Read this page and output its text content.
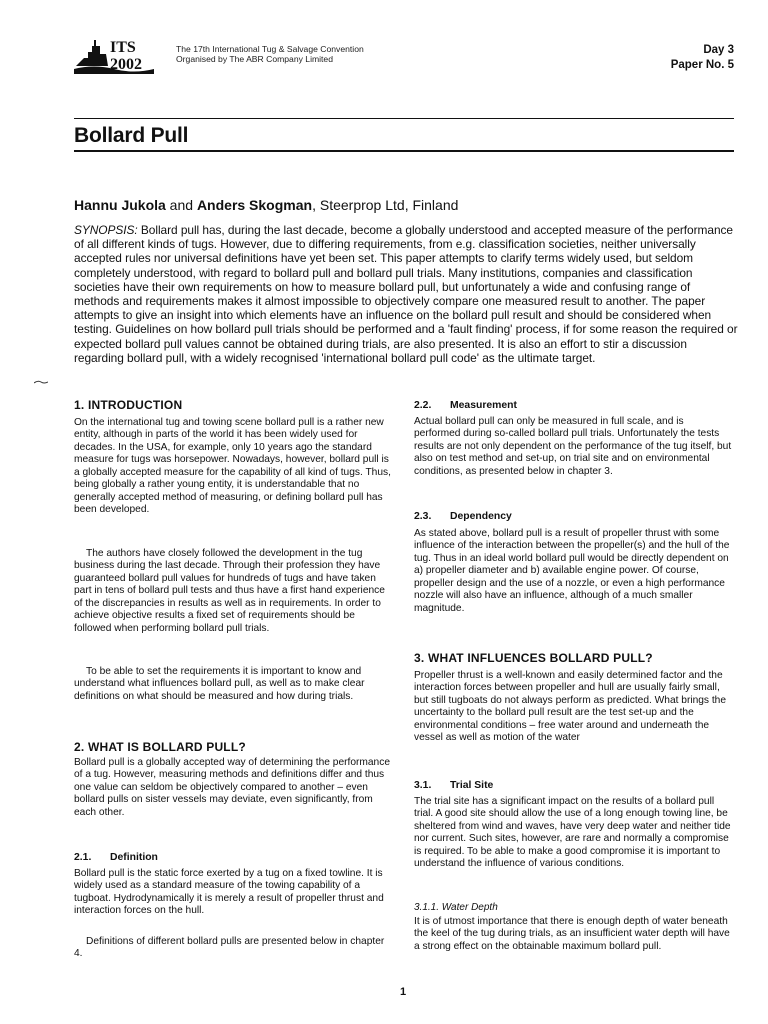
ITS
2002
The 17th International Tug & Salvage Convention
Organised by The ABR Company Limited
Day 3
Paper No. 5
Bollard Pull
Hannu Jukola and Anders Skogman, Steerprop Ltd, Finland
SYNOPSIS: Bollard pull has, during the last decade, become a globally understood and accepted measure of the performance of all different kinds of tugs. However, due to differing requirements, from e.g. classification societies, neither universally accepted rules nor universal definitions have yet been set. This paper attempts to clarify terms widely used, but seldom completely understood, with regard to bollard pull and bollard pull trials. Many institutions, companies and classification societies have their own requirements on how to measure bollard pull, but unfortunately a wide and confusing range of methods and requirements makes it almost impossible to objectively compare one measured result to another. The paper attempts to give an insight into which elements have an influence on the bollard pull result and should be considered when testing. Guidelines on how bollard pull trials should be performed and a 'fault finding' process, if for some reason the required or expected bollard pull values cannot be obtained during trials, are also presented. It is also an effort to stir a discussion regarding bollard pull, with a widely recognised 'international bollard pull code' as the ultimate target.
1. INTRODUCTION

On the international tug and towing scene bollard pull is a rather new entity, although in parts of the world it has been widely used for decades. In the USA, for example, only 10 years ago the standard measure for tugs was horsepower. Nowadays, however, bollard pull is a globally accepted measure for the capability of all kind of tugs. Thus, being globally a rather young entity, it is understandable that no generally accepted method of measuring, or defining bollard pull has been developed.

The authors have closely followed the development in the tug business during the last decade. Through their profession they have guaranteed bollard pull values for hundreds of tugs and have taken part in tens of bollard pull tests and thus have a first hand experience of the discrepancies in results as well as in requirements. In order to achieve objective results a fixed set of requirements should be followed when performing bollard pull trials.

To be able to set the requirements it is important to know and understand what influences bollard pull, as well as to make clear definitions on what should be measured and how during trials.

2. WHAT IS BOLLARD PULL?

Bollard pull is a globally accepted way of determining the performance of a tug. However, measuring methods and definitions differ and thus one value can seldom be objectively compared to another – even bollard pulls on sister vessels may deviate, even significantly, from each other.

2.1. Definition

Bollard pull is the static force exerted by a tug on a fixed towline. It is widely used as a standard measure of the towing capability of a tugboat. Hydrodynamically it is merely a result of propeller thrust and interaction forces on the hull.

Definitions of different bollard pulls are presented below in chapter 4.

2.2. Measurement

Actual bollard pull can only be measured in full scale, and is performed during so-called bollard pull trials. Unfortunately the tests results are not only dependent on the performance of the tug itself, but also on test method and set-up, on trial site and on environmental conditions, as presented below in chapter 3.

2.3. Dependency

As stated above, bollard pull is a result of propeller thrust with some influence of the interaction between the propeller(s) and the hull of the tug. Thus in an ideal world bollard pull would be directly dependent on a) propeller diameter and b) available engine power. Of course, propeller design and the use of a nozzle, or even a high performance nozzle will also have an influence, although of a much smaller magnitude.

3. WHAT INFLUENCES BOLLARD PULL?

Propeller thrust is a well-known and easily determined factor and the interaction forces between propeller and hull are usually fairly small, but still tugboats do not always perform as predicted. What brings the uncertainty to the bollard pull result are the test set-up and the environmental conditions – free water around and underneath the vessel as well as motion of the water

3.1. Trial Site

The trial site has a significant impact on the results of a bollard pull trial. A good site should allow the use of a long enough towing line, be sheltered from wind and waves, have very deep water and neither tide nor current. Such sites, however, are rare and normally a compromise is required. To be able to make a good compromise it is important to understand the influence of various conditions.

3.1.1. Water Depth

It is of utmost importance that there is enough depth of water beneath the keel of the tug during trials, as an insufficient water depth will have a strong effect on the obtainable maximum bollard pull.

1
